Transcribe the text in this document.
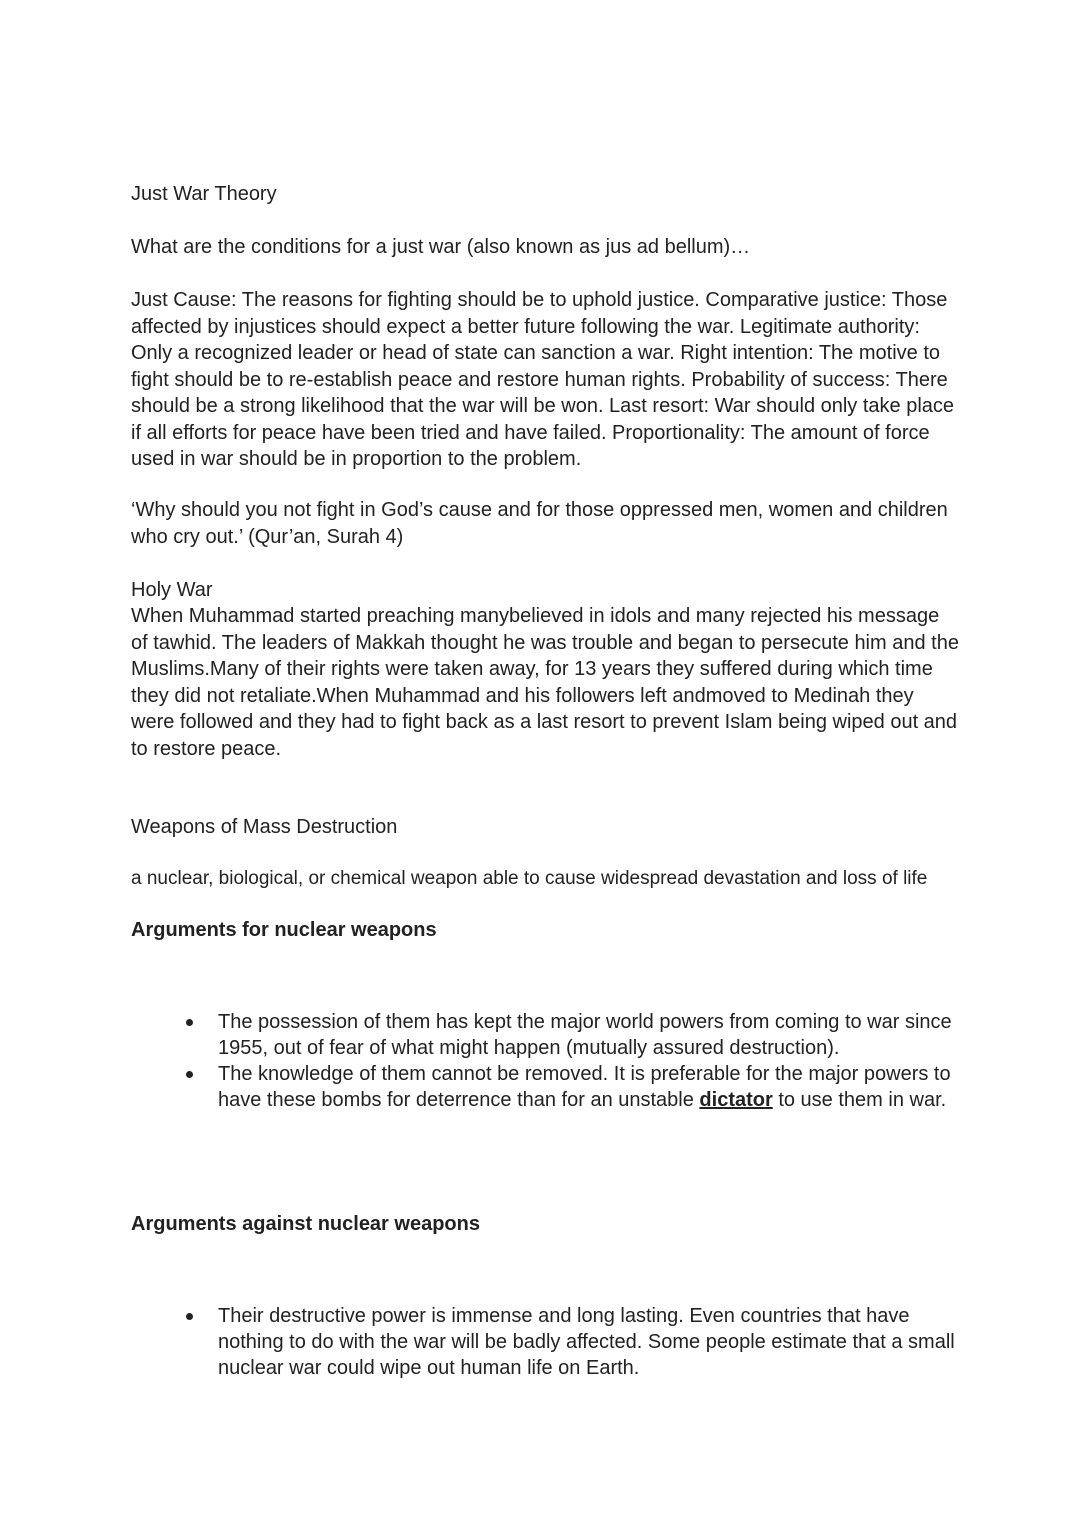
Just War Theory

What are the conditions for a just war (also known as jus ad bellum)…

Just Cause: The reasons for fighting should be to uphold justice. Comparative justice: Those affected by injustices should expect a better future following the war. Legitimate authority: Only a recognized leader or head of state can sanction a war. Right intention: The motive to fight should be to re-establish peace and restore human rights. Probability of success: There should be a strong likelihood that the war will be won. Last resort: War should only take place if all efforts for peace have been tried and have failed. Proportionality: The amount of force used in war should be in proportion to the problem.

‘Why should you not fight in God’s cause and for those oppressed men, women and children who cry out.’ (Qur’an, Surah 4)

Holy War

When Muhammad started preaching manybelieved in idols and many rejected his message of tawhid. The leaders of Makkah thought he was trouble and began to persecute him and the Muslims.Many of their rights were taken away, for 13 years they suffered during which time they did not retaliate.When Muhammad and his followers left andmoved to Medinah they were followed and they had to fight back as a last resort to prevent Islam being wiped out and to restore peace.

Weapons of Mass Destruction

a nuclear, biological, or chemical weapon able to cause widespread devastation and loss of life

Arguments for nuclear weapons

The possession of them has kept the major world powers from coming to war since 1955, out of fear of what might happen (mutually assured destruction).
The knowledge of them cannot be removed. It is preferable for the major powers to have these bombs for deterrence than for an unstable dictator to use them in war.

Arguments against nuclear weapons

Their destructive power is immense and long lasting. Even countries that have nothing to do with the war will be badly affected. Some people estimate that a small nuclear war could wipe out human life on Earth.
